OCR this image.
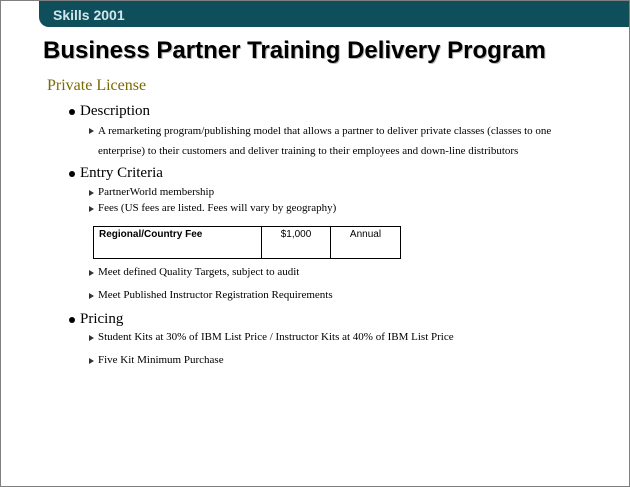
Skills 2001
Business Partner Training Delivery Program
Private License
Description
A remarketing program/publishing model that allows a partner to deliver private classes (classes to one enterprise) to their customers and deliver training to their employees and down-line distributors
Entry Criteria
PartnerWorld membership
Fees (US fees are listed. Fees will vary by geography)
Regional/Country Fee	$1,000	Annual
Meet defined Quality Targets, subject to audit
Meet Published Instructor Registration Requirements
Pricing
Student Kits at 30% of IBM List Price / Instructor Kits at 40% of IBM List Price
Five Kit Minimum Purchase
